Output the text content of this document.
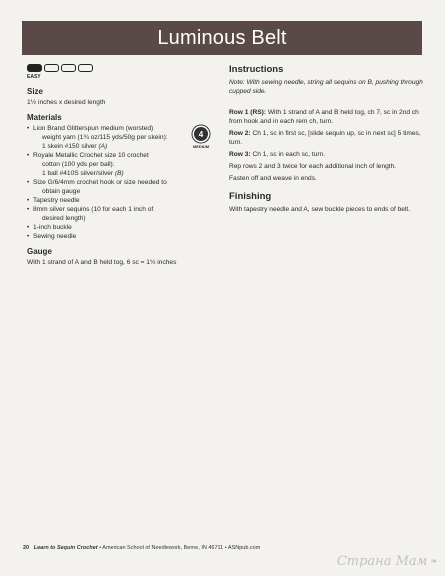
Luminous Belt
EASY
Size

1½ inches x desired length

Materials
4
MEDIUM
• Lion Brand Glitterspun medium (worsted)
weight yarn (1¾ oz/115 yds/50g per skein):
1 skein #150 silver (A)
• Royale Metallic Crochet size 10 crochet
cotton (100 yds per ball):
1 ball #410S silver/silver (B)
• Size G/6/4mm crochet hook or size needed to
obtain gauge
• Tapestry needle
• 8mm silver sequins (10 for each 1 inch of
desired length)
• 1-inch buckle
• Sewing needle
Gauge

With 1 strand of A and B held tog, 6 sc = 1½ inches

Instructions

Note: With sewing needle, string all sequins on B, pushing through cupped side.

Row 1 (RS): With 1 strand of A and B held tog, ch 7, sc in 2nd ch from hook and in each rem ch, turn.

Row 2: Ch 1, sc in first sc, [slide sequin up, sc in next sc] 5 times, turn.

Row 3: Ch 1, sc in each sc, turn.

Rep rows 2 and 3 twice for each additional inch of length.

Fasten off and weave in ends.

Finishing

With tapestry needle and A, sew buckle pieces to ends of belt.

20 Learn to Sequin Crochet • American School of Needlework, Berne, IN 46711 • ASNpub.com
Страна Мам ❧
